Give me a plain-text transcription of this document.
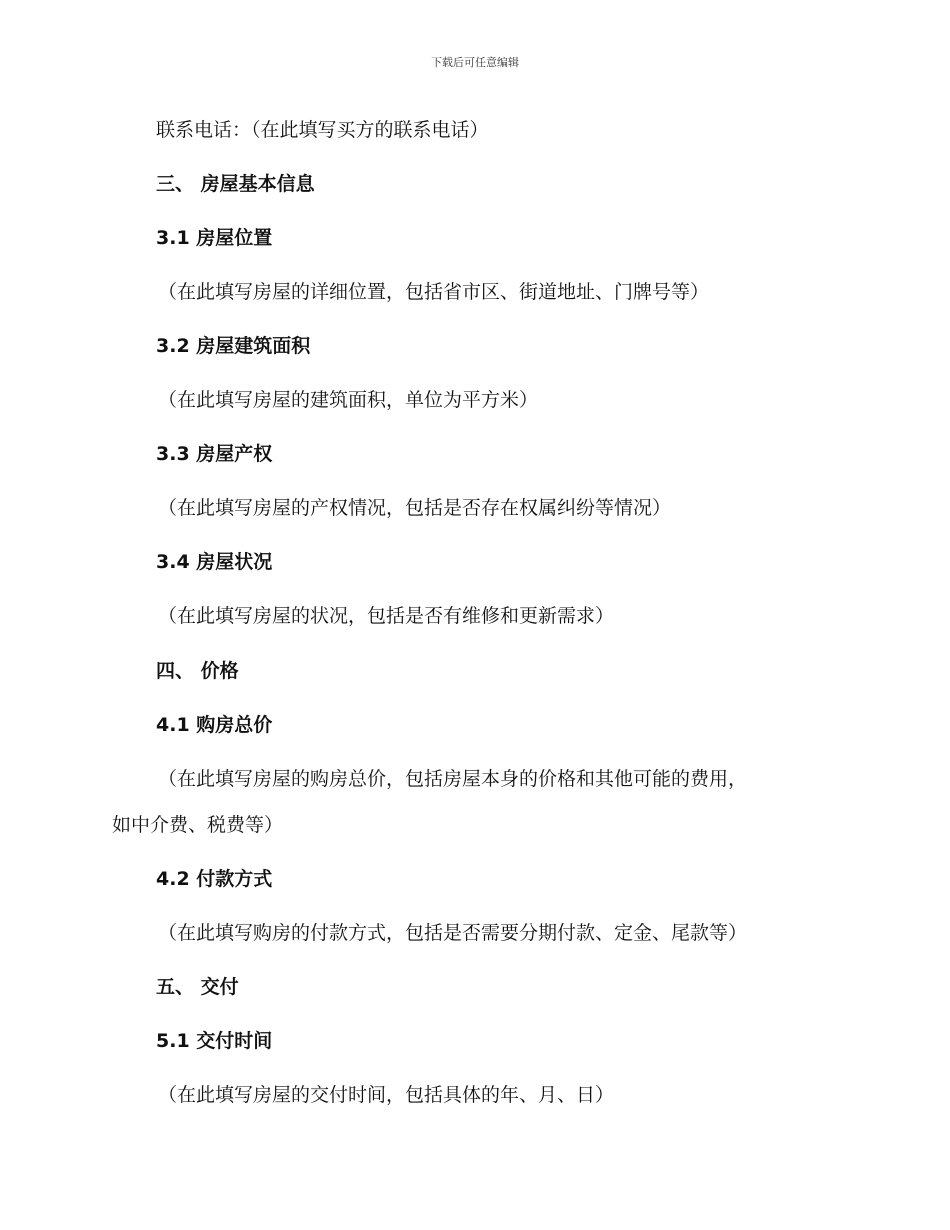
下载后可任意编辑
联系电话：（在此填写买方的联系电话）
三、 房屋基本信息
3.1 房屋位置
（在此填写房屋的详细位置，包括省市区、街道地址、门牌号等）
3.2 房屋建筑面积
（在此填写房屋的建筑面积，单位为平方米）
3.3 房屋产权
（在此填写房屋的产权情况，包括是否存在权属纠纷等情况）
3.4 房屋状况
（在此填写房屋的状况，包括是否有维修和更新需求）
四、 价格
4.1 购房总价
（在此填写房屋的购房总价，包括房屋本身的价格和其他可能的费用，
如中介费、税费等）
4.2 付款方式
（在此填写购房的付款方式，包括是否需要分期付款、定金、尾款等）
五、 交付
5.1 交付时间
（在此填写房屋的交付时间，包括具体的年、月、日）
